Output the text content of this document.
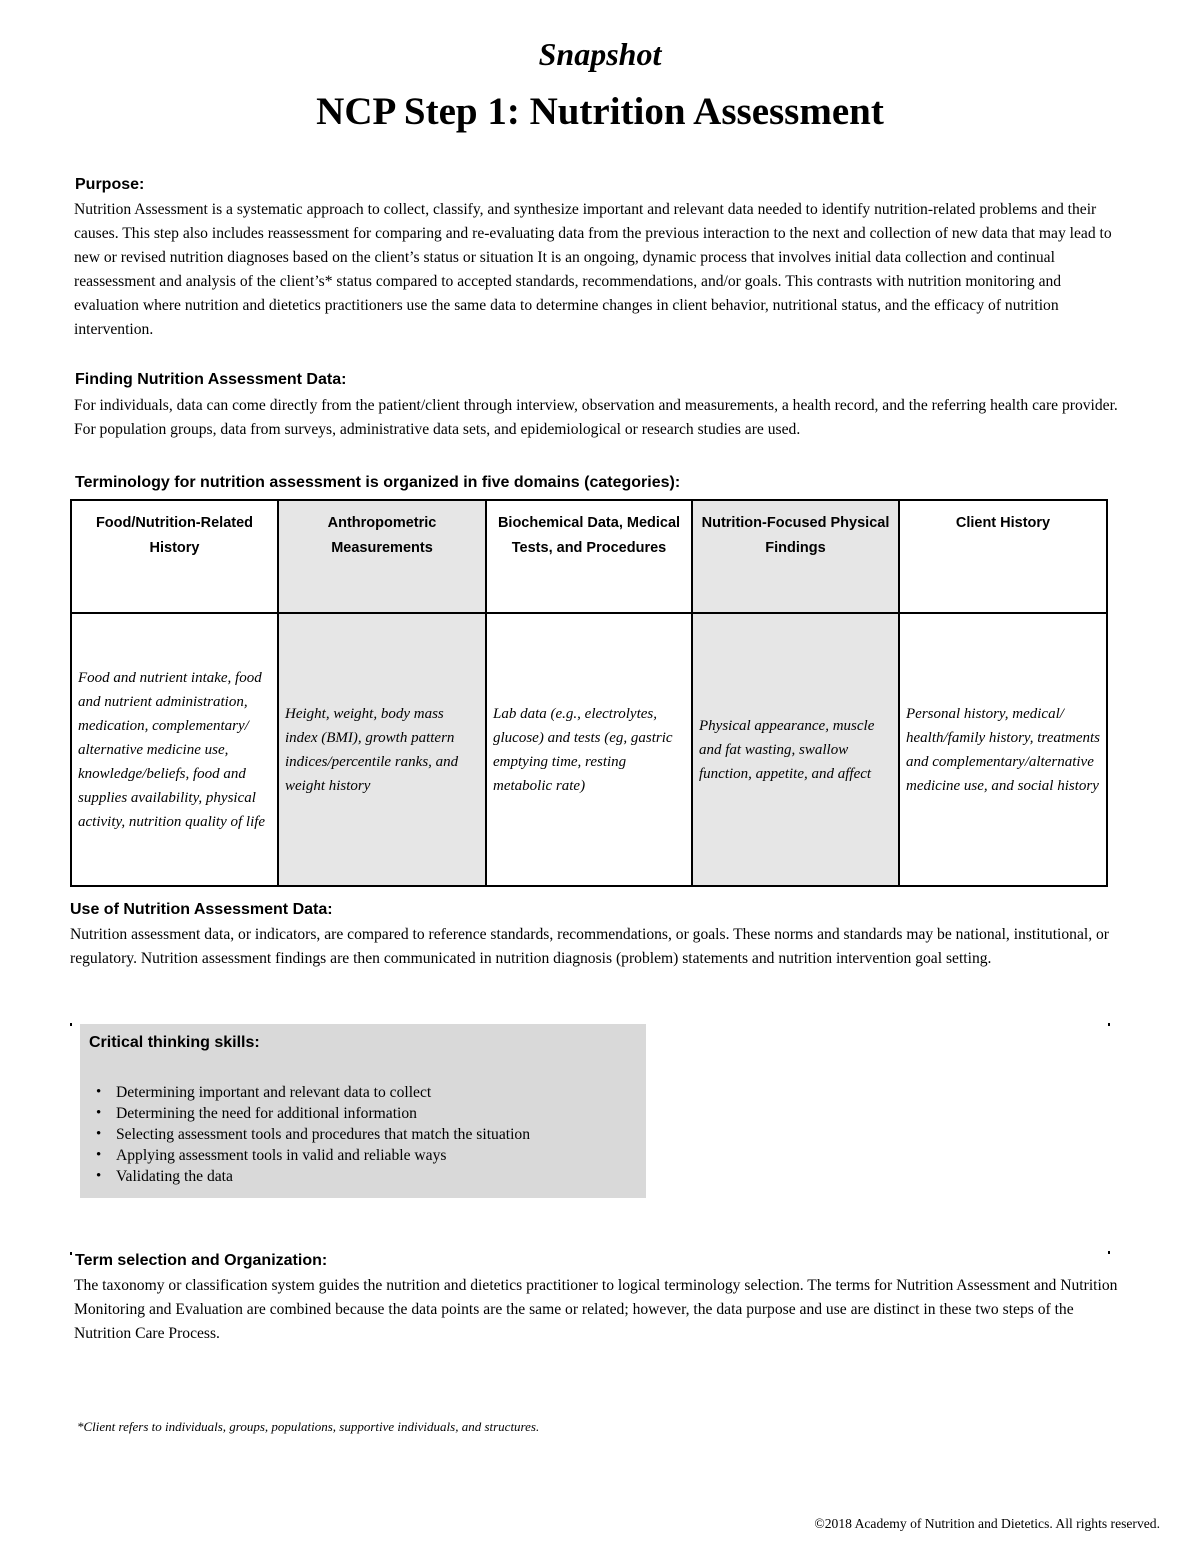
Snapshot
NCP Step 1: Nutrition Assessment
Purpose:
Nutrition Assessment is a systematic approach to collect, classify, and synthesize important and relevant data needed to identify nutrition-related problems and their causes. This step also includes reassessment for comparing and re-evaluating data from the previous interaction to the next and collection of new data that may lead to new or revised nutrition diagnoses based on the client’s status or situation It is an ongoing, dynamic process that involves initial data collection and continual reassessment and analysis of the client’s* status compared to accepted standards, recommendations, and/or goals. This contrasts with nutrition monitoring and evaluation where nutrition and dietetics practitioners use the same data to determine changes in client behavior, nutritional status, and the efficacy of nutrition intervention.
Finding Nutrition Assessment Data:
For individuals, data can come directly from the patient/client through interview, observation and measurements, a health record, and the referring health care provider. For population groups, data from surveys, administrative data sets, and epidemiological or research studies are used.
Terminology for nutrition assessment is organized in five domains (categories):
Food/Nutrition-Related History	Anthropometric Measurements	Biochemical Data, Medical Tests, and Procedures	Nutrition-Focused Physical Findings	Client History
Food and nutrient intake, food and nutrient administration, medication, complementary/ alternative medicine use, knowledge/beliefs, food and supplies availability, physical activity, nutrition quality of life	Height, weight, body mass index (BMI), growth pattern indices/percentile ranks, and weight history	Lab data (e.g., electrolytes, glucose) and tests (eg, gastric emptying time, resting metabolic rate)	Physical appearance, muscle and fat wasting, swallow function, appetite, and affect	Personal history, medical/ health/family history, treatments and complementary/alternative medicine use, and social history
Use of Nutrition Assessment Data:
Nutrition assessment data, or indicators, are compared to reference standards, recommendations, or goals. These norms and standards may be national, institutional, or regulatory. Nutrition assessment findings are then communicated in nutrition diagnosis (problem) statements and nutrition intervention goal setting.
Critical thinking skills:
• Determining important and relevant data to collect
• Determining the need for additional information
• Selecting assessment tools and procedures that match the situation
• Applying assessment tools in valid and reliable ways
• Validating the data
Term selection and Organization:
The taxonomy or classification system guides the nutrition and dietetics practitioner to logical terminology selection. The terms for Nutrition Assessment and Nutrition Monitoring and Evaluation are combined because the data points are the same or related; however, the data purpose and use are distinct in these two steps of the Nutrition Care Process.
*Client refers to individuals, groups, populations, supportive individuals, and structures.
©2018 Academy of Nutrition and Dietetics. All rights reserved.
